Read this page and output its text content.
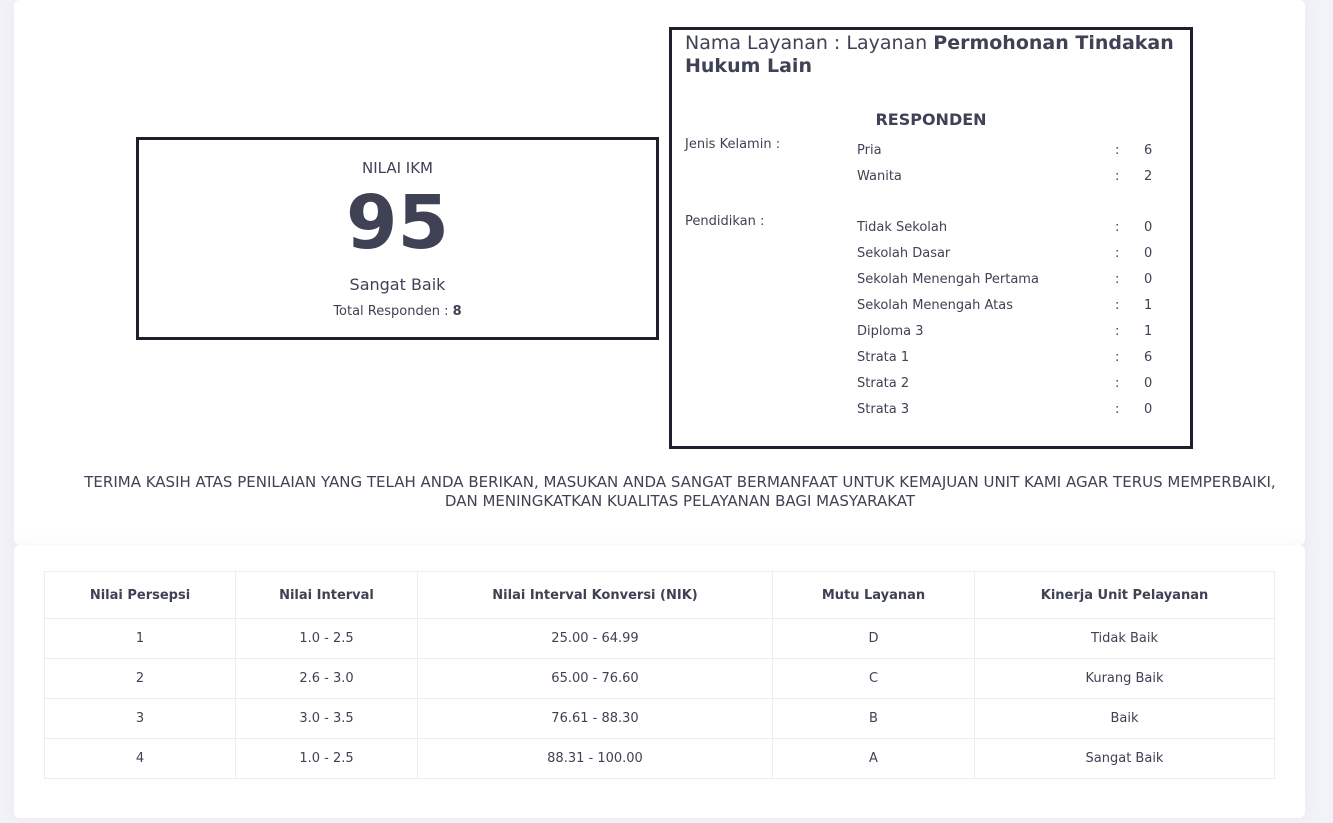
NILAI IKM
95
Sangat Baik
Total Responden : 8
Nama Layanan : Layanan Permohonan Tindakan Hukum Lain
RESPONDEN
Jenis Kelamin :	Pria	: 6
Wanita	: 2
Pendidikan :	Tidak Sekolah	: 0
Sekolah Dasar	: 0
Sekolah Menengah Pertama	: 0
Sekolah Menengah Atas	: 1
Diploma 3	: 1
Strata 1	: 6
Strata 2	: 0
Strata 3	: 0
TERIMA KASIH ATAS PENILAIAN YANG TELAH ANDA BERIKAN, MASUKAN ANDA SANGAT BERMANFAAT UNTUK KEMAJUAN UNIT KAMI AGAR TERUS MEMPERBAIKI, DAN MENINGKATKAN KUALITAS PELAYANAN BAGI MASYARAKAT
Nilai Persepsi	Nilai Interval	Nilai Interval Konversi (NIK)	Mutu Layanan	Kinerja Unit Pelayanan
1	1.0 - 2.5	25.00 - 64.99	D	Tidak Baik
2	2.6 - 3.0	65.00 - 76.60	C	Kurang Baik
3	3.0 - 3.5	76.61 - 88.30	B	Baik
4	1.0 - 2.5	88.31 - 100.00	A	Sangat Baik
